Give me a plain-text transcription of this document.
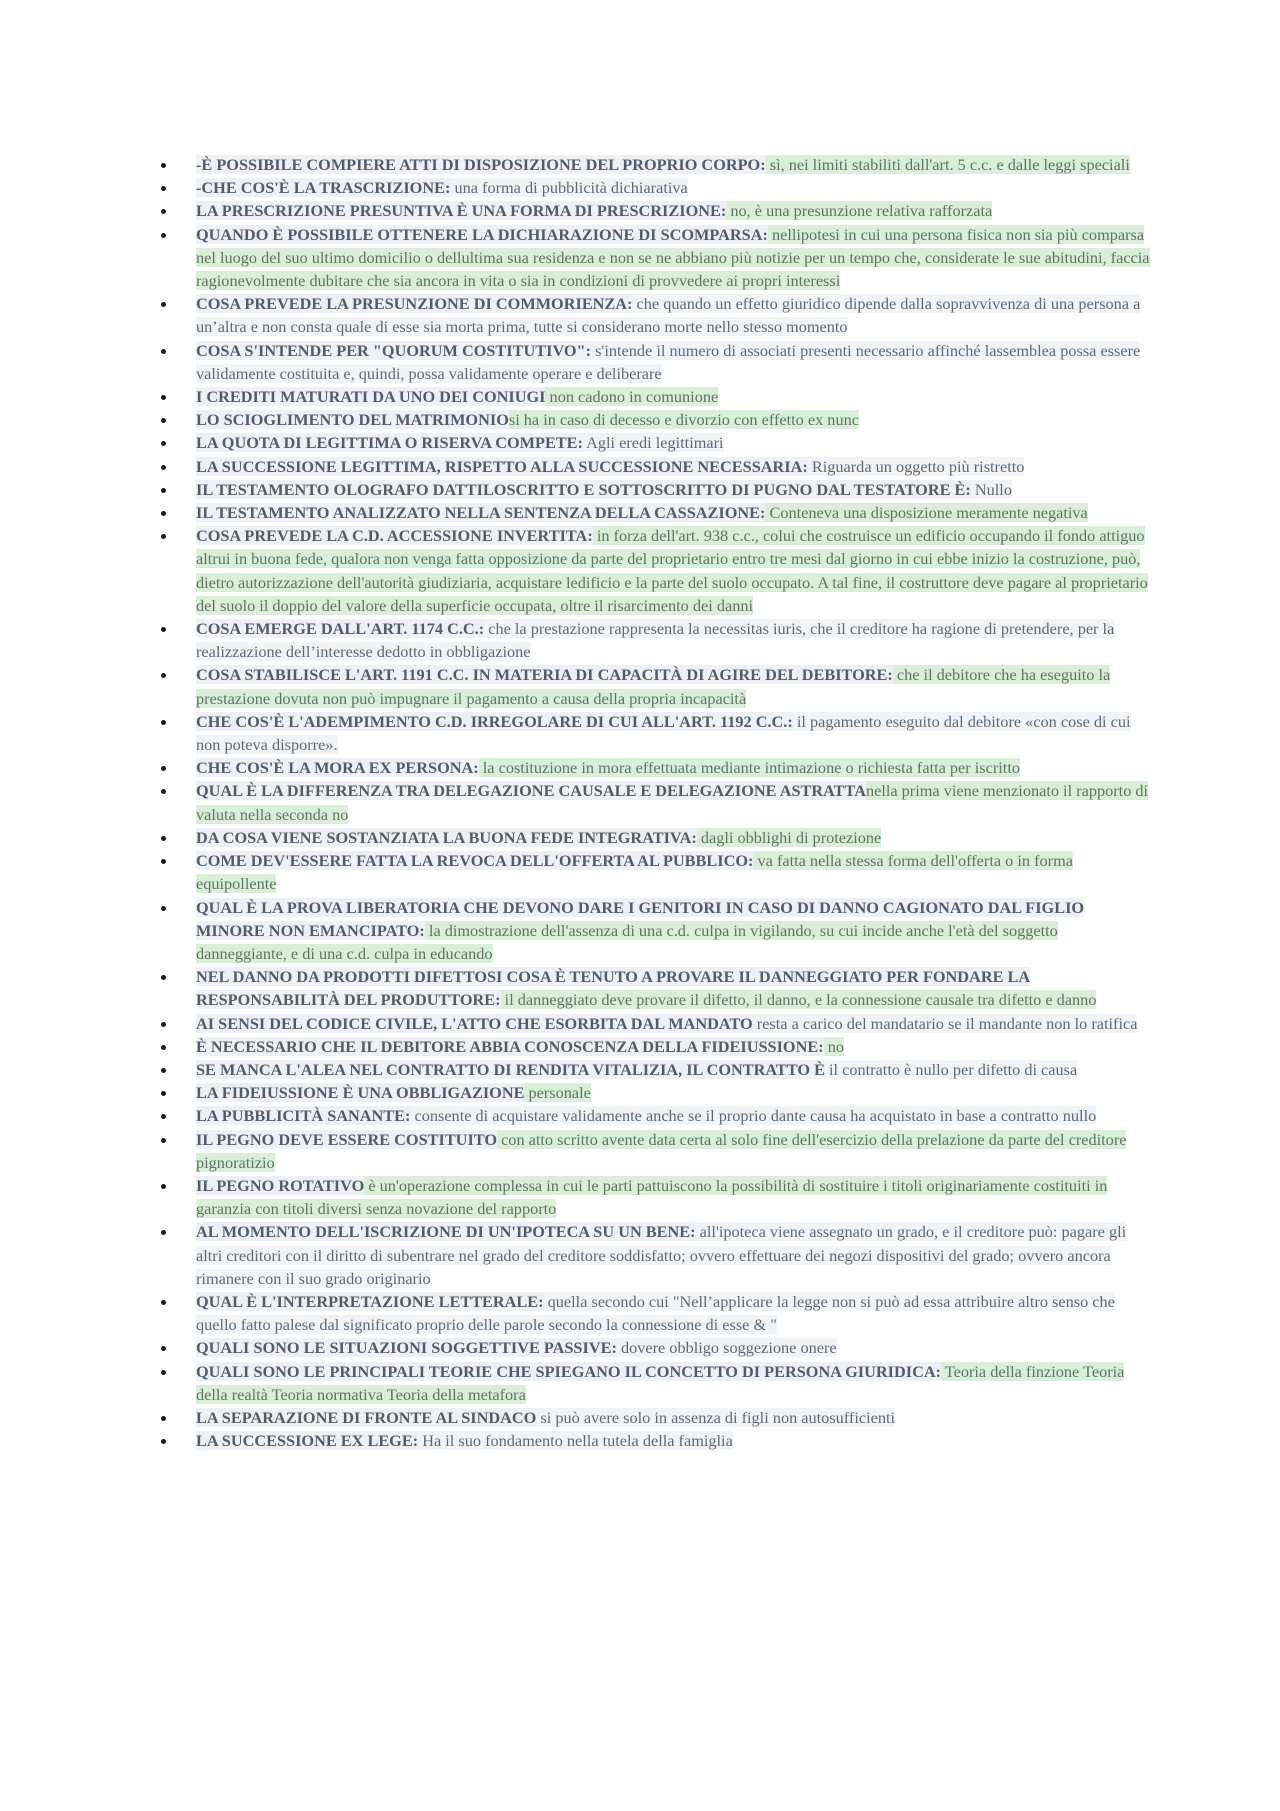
-È POSSIBILE COMPIERE ATTI DI DISPOSIZIONE DEL PROPRIO CORPO: sì, nei limiti stabiliti dall'art. 5 c.c. e dalle leggi speciali
-CHE COS'È LA TRASCRIZIONE: una forma di pubblicità dichiarativa
LA PRESCRIZIONE PRESUNTIVA È UNA FORMA DI PRESCRIZIONE: no, è una presunzione relativa rafforzata
QUANDO È POSSIBILE OTTENERE LA DICHIARAZIONE DI SCOMPARSA: nellipotesi in cui una persona fisica non sia più comparsa nel luogo del suo ultimo domicilio o dellultima sua residenza e non se ne abbiano più notizie per un tempo che, considerate le sue abitudini, faccia ragionevolmente dubitare che sia ancora in vita o sia in condizioni di provvedere ai propri interessi
COSA PREVEDE LA PRESUNZIONE DI COMMORIENZA: che quando un effetto giuridico dipende dalla sopravvivenza di una persona a un’altra e non consta quale di esse sia morta prima, tutte si considerano morte nello stesso momento
COSA S'INTENDE PER "QUORUM COSTITUTIVO": s'intende il numero di associati presenti necessario affinché lassemblea possa essere validamente costituita e, quindi, possa validamente operare e deliberare
I CREDITI MATURATI DA UNO DEI CONIUGI non cadono in comunione
LO SCIOGLIMENTO DEL MATRIMONIOsi ha in caso di decesso e divorzio con effetto ex nunc
LA QUOTA DI LEGITTIMA O RISERVA COMPETE: Agli eredi legittimari
LA SUCCESSIONE LEGITTIMA, RISPETTO ALLA SUCCESSIONE NECESSARIA: Riguarda un oggetto più ristretto
IL TESTAMENTO OLOGRAFO DATTILOSCRITTO E SOTTOSCRITTO DI PUGNO DAL TESTATORE È: Nullo
IL TESTAMENTO ANALIZZATO NELLA SENTENZA DELLA CASSAZIONE: Conteneva una disposizione meramente negativa
COSA PREVEDE LA C.D. ACCESSIONE INVERTITA: in forza dell'art. 938 c.c., colui che costruisce un edificio occupando il fondo attiguo altrui in buona fede, qualora non venga fatta opposizione da parte del proprietario entro tre mesi dal giorno in cui ebbe inizio la costruzione, può, dietro autorizzazione dell'autorità giudiziaria, acquistare ledificio e la parte del suolo occupato. A tal fine, il costruttore deve pagare al proprietario del suolo il doppio del valore della superficie occupata, oltre il risarcimento dei danni
COSA EMERGE DALL'ART. 1174 C.C.: che la prestazione rappresenta la necessitas iuris, che il creditore ha ragione di pretendere, per la realizzazione dell’interesse dedotto in obbligazione
COSA STABILISCE L'ART. 1191 C.C. IN MATERIA DI CAPACITÀ DI AGIRE DEL DEBITORE: che il debitore che ha eseguito la prestazione dovuta non può impugnare il pagamento a causa della propria incapacità
CHE COS'È L'ADEMPIMENTO C.D. IRREGOLARE DI CUI ALL'ART. 1192 C.C.: il pagamento eseguito dal debitore «con cose di cui non poteva disporre».
CHE COS'È LA MORA EX PERSONA: la costituzione in mora effettuata mediante intimazione o richiesta fatta per iscritto
QUAL È LA DIFFERENZA TRA DELEGAZIONE CAUSALE E DELEGAZIONE ASTRATTAnella prima viene menzionato il rapporto di valuta nella seconda no
DA COSA VIENE SOSTANZIATA LA BUONA FEDE INTEGRATIVA: dagli obblighi di protezione
COME DEV'ESSERE FATTA LA REVOCA DELL'OFFERTA AL PUBBLICO: va fatta nella stessa forma dell'offerta o in forma equipollente
QUAL È LA PROVA LIBERATORIA CHE DEVONO DARE I GENITORI IN CASO DI DANNO CAGIONATO DAL FIGLIO MINORE NON EMANCIPATO: la dimostrazione dell'assenza di una c.d. culpa in vigilando, su cui incide anche l'età del soggetto danneggiante, e di una c.d. culpa in educando
NEL DANNO DA PRODOTTI DIFETTOSI COSA È TENUTO A PROVARE IL DANNEGGIATO PER FONDARE LA RESPONSABILITÀ DEL PRODUTTORE: il danneggiato deve provare il difetto, il danno, e la connessione causale tra difetto e danno
AI SENSI DEL CODICE CIVILE, L'ATTO CHE ESORBITA DAL MANDATO resta a carico del mandatario se il mandante non lo ratifica
È NECESSARIO CHE IL DEBITORE ABBIA CONOSCENZA DELLA FIDEIUSSIONE: no
SE MANCA L'ALEA NEL CONTRATTO DI RENDITA VITALIZIA, IL CONTRATTO È il contratto è nullo per difetto di causa
LA FIDEIUSSIONE È UNA OBBLIGAZIONE personale
LA PUBBLICITÀ SANANTE: consente di acquistare validamente anche se il proprio dante causa ha acquistato in base a contratto nullo
IL PEGNO DEVE ESSERE COSTITUITO con atto scritto avente data certa al solo fine dell'esercizio della prelazione da parte del creditore pignoratizio
IL PEGNO ROTATIVO è un'operazione complessa in cui le parti pattuiscono la possibilità di sostituire i titoli originariamente costituiti in garanzia con titoli diversi senza novazione del rapporto
AL MOMENTO DELL'ISCRIZIONE DI UN'IPOTECA SU UN BENE: all'ipoteca viene assegnato un grado, e il creditore può: pagare gli altri creditori con il diritto di subentrare nel grado del creditore soddisfatto; ovvero effettuare dei negozi dispositivi del grado; ovvero ancora rimanere con il suo grado originario
QUAL È L'INTERPRETAZIONE LETTERALE: quella secondo cui "Nell’applicare la legge non si può ad essa attribuire altro senso che quello fatto palese dal significato proprio delle parole secondo la connessione di esse & "
QUALI SONO LE SITUAZIONI SOGGETTIVE PASSIVE: dovere obbligo soggezione onere
QUALI SONO LE PRINCIPALI TEORIE CHE SPIEGANO IL CONCETTO DI PERSONA GIURIDICA: Teoria della finzione Teoria della realtà Teoria normativa Teoria della metafora
LA SEPARAZIONE DI FRONTE AL SINDACO si può avere solo in assenza di figli non autosufficienti
LA SUCCESSIONE EX LEGE: Ha il suo fondamento nella tutela della famiglia
